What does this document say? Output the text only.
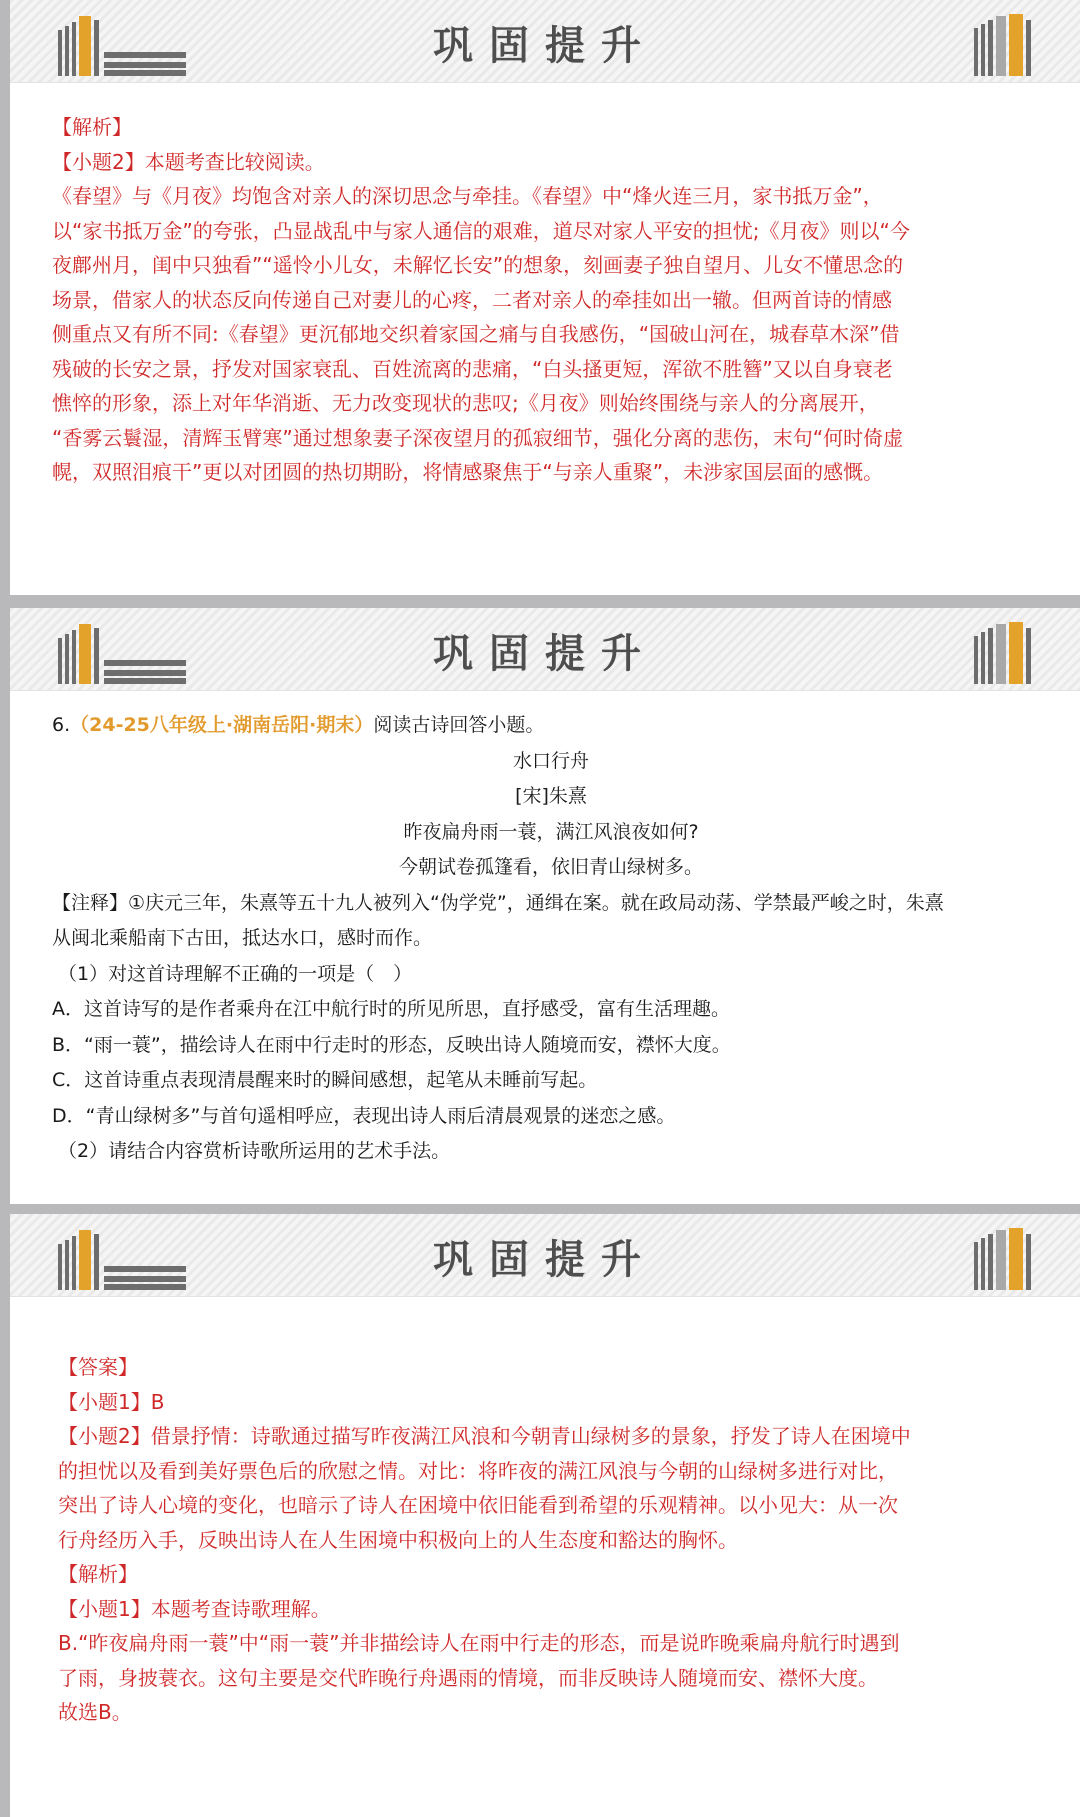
巩固提升

【解析】

【小题2】本题考查比较阅读。

《春望》与《月夜》均饱含对亲人的深切思念与牵挂。《春望》中“烽火连三月，家书抵万金”，

以“家书抵万金”的夸张，凸显战乱中与家人通信的艰难，道尽对家人平安的担忧;《月夜》则以“今

夜鄜州月，闺中只独看”“遥怜小儿女，未解忆长安”的想象，刻画妻子独自望月、儿女不懂思念的

场景，借家人的状态反向传递自己对妻儿的心疼，二者对亲人的牵挂如出一辙。但两首诗的情感

侧重点又有所不同:《春望》更沉郁地交织着家国之痛与自我感伤，“国破山河在，城春草木深”借

残破的长安之景，抒发对国家衰乱、百姓流离的悲痛，“白头搔更短，浑欲不胜簪”又以自身衰老

憔悴的形象，添上对年华消逝、无力改变现状的悲叹;《月夜》则始终围绕与亲人的分离展开，

“香雾云鬟湿，清辉玉臂寒”通过想象妻子深夜望月的孤寂细节，强化分离的悲伤，末句“何时倚虚

幌，双照泪痕干”更以对团圆的热切期盼，将情感聚焦于“与亲人重聚”，未涉家国层面的感慨。

巩固提升

6.（24-25八年级上·湖南岳阳·期末）阅读古诗回答小题。

水口行舟

[宋]朱熹

昨夜扁舟雨一蓑，满江风浪夜如何?

今朝试卷孤篷看，依旧青山绿树多。

【注释】①庆元三年，朱熹等五十九人被列入“伪学党”，通缉在案。就在政局动荡、学禁最严峻之时，朱熹

从闽北乘船南下古田，抵达水口，感时而作。

（1）对这首诗理解不正确的一项是（　）

A．这首诗写的是作者乘舟在江中航行时的所见所思，直抒感受，富有生活理趣。

B．“雨一蓑”，描绘诗人在雨中行走时的形态，反映出诗人随境而安，襟怀大度。

C．这首诗重点表现清晨醒来时的瞬间感想，起笔从未睡前写起。

D．“青山绿树多”与首句遥相呼应，表现出诗人雨后清晨观景的迷恋之感。

（2）请结合内容赏析诗歌所运用的艺术手法。

巩固提升

【答案】

【小题1】B

【小题2】借景抒情：诗歌通过描写昨夜满江风浪和今朝青山绿树多的景象，抒发了诗人在困境中

的担忧以及看到美好票色后的欣慰之情。对比：将昨夜的满江风浪与今朝的山绿树多进行对比，

突出了诗人心境的变化，也暗示了诗人在困境中依旧能看到希望的乐观精神。以小见大：从一次

行舟经历入手，反映出诗人在人生困境中积极向上的人生态度和豁达的胸怀。

【解析】

【小题1】本题考查诗歌理解。

B.“昨夜扁舟雨一蓑”中“雨一蓑”并非描绘诗人在雨中行走的形态，而是说昨晚乘扁舟航行时遇到

了雨，身披蓑衣。这句主要是交代昨晚行舟遇雨的情境，而非反映诗人随境而安、襟怀大度。

故选B。
